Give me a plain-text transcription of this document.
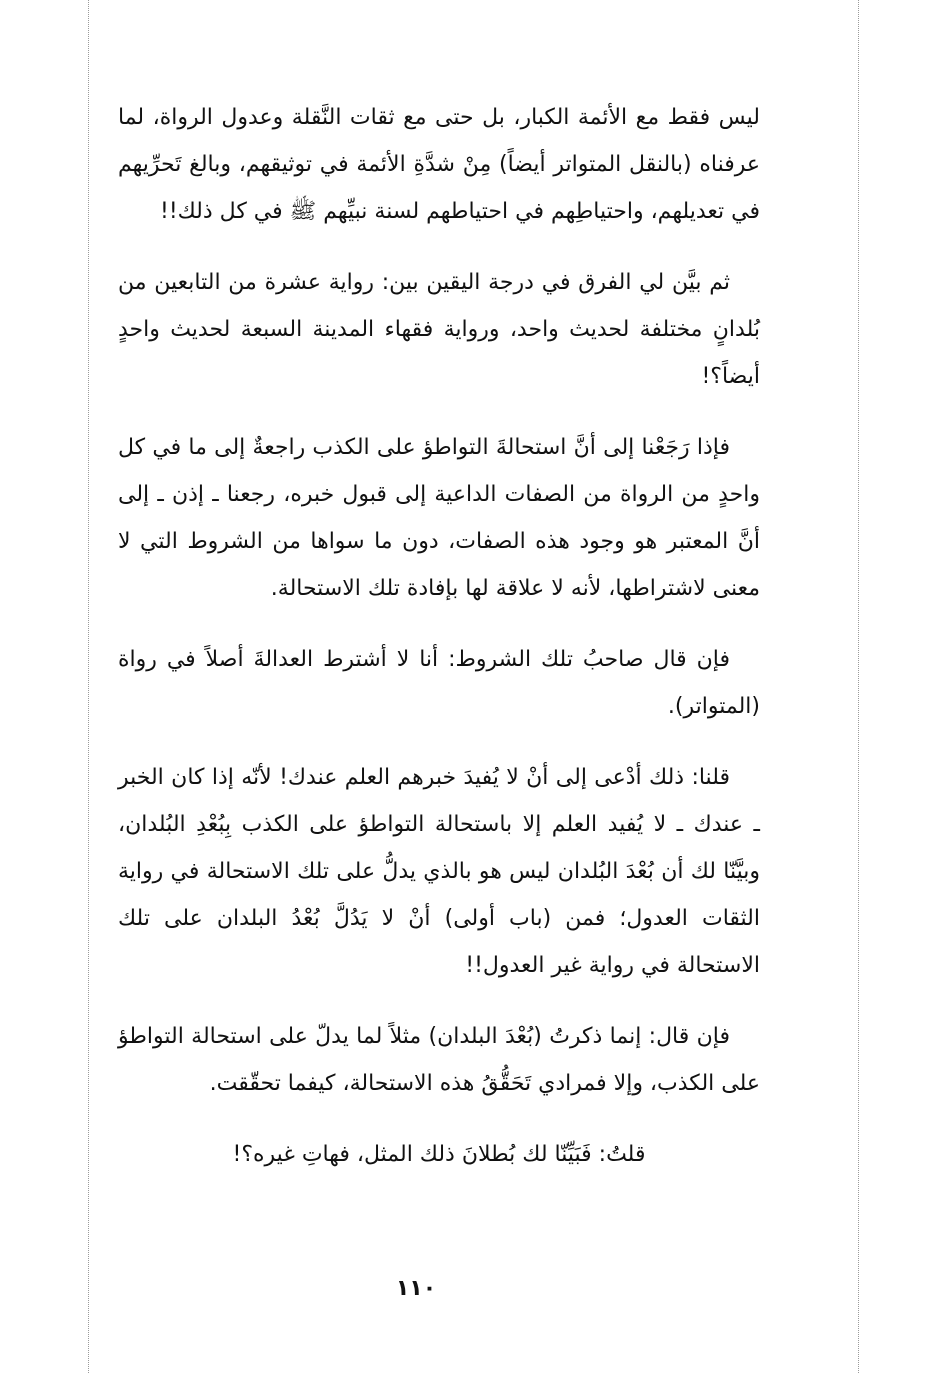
ليس فقط مع الأئمة الكبار، بل حتى مع ثقات النَّقلة وعدول الرواة، لما عرفناه (بالنقل المتواتر أيضاً) مِنْ شدَّةِ الأئمة في توثيقهم، وبالغ تَحرِّيهم في تعديلهم، واحتياطِهم في احتياطهم لسنة نبيِّهم ﷺ في كل ذلك!!

ثم بيَّن لي الفرق في درجة اليقين بين: رواية عشرة من التابعين من بُلدانٍ مختلفة لحديث واحد، ورواية فقهاء المدينة السبعة لحديث واحدٍ أيضاً؟!

فإذا رَجَعْنا إلى أنَّ استحالةَ التواطؤ على الكذب راجعةٌ إلى ما في كل واحدٍ من الرواة من الصفات الداعية إلى قبول خبره، رجعنا ـ إذن ـ إلى أنَّ المعتبر هو وجود هذه الصفات، دون ما سواها من الشروط التي لا معنى لاشتراطها، لأنه لا علاقة لها بإفادة تلك الاستحالة.

فإن قال صاحبُ تلك الشروط: أنا لا أشترط العدالةَ أصلاً في رواة (المتواتر).

قلنا: ذلك أدْعى إلى أنْ لا يُفيدَ خبرهم العلم عندك! لأنّه إذا كان الخبر ـ عندك ـ لا يُفيد العلم إلا باستحالة التواطؤ على الكذب بِبُعْدِ البُلدان، وبيَّنّا لك أن بُعْدَ البُلدان ليس هو بالذي يدلُّ على تلك الاستحالة في رواية الثقات العدول؛ فمن (باب أولى) أنْ لا يَدُلَّ بُعْدُ البلدان على تلك الاستحالة في رواية غير العدول!!

فإن قال: إنما ذكرتُ (بُعْدَ البلدان) مثلاً لما يدلّ على استحالة التواطؤ على الكذب، وإلا فمرادي تَحَقُّقُ هذه الاستحالة، كيفما تحقّقت.

قلتُ: فَبَيِّنّا لك بُطلانَ ذلك المثل، فهاتِ غيره؟!

١١٠
